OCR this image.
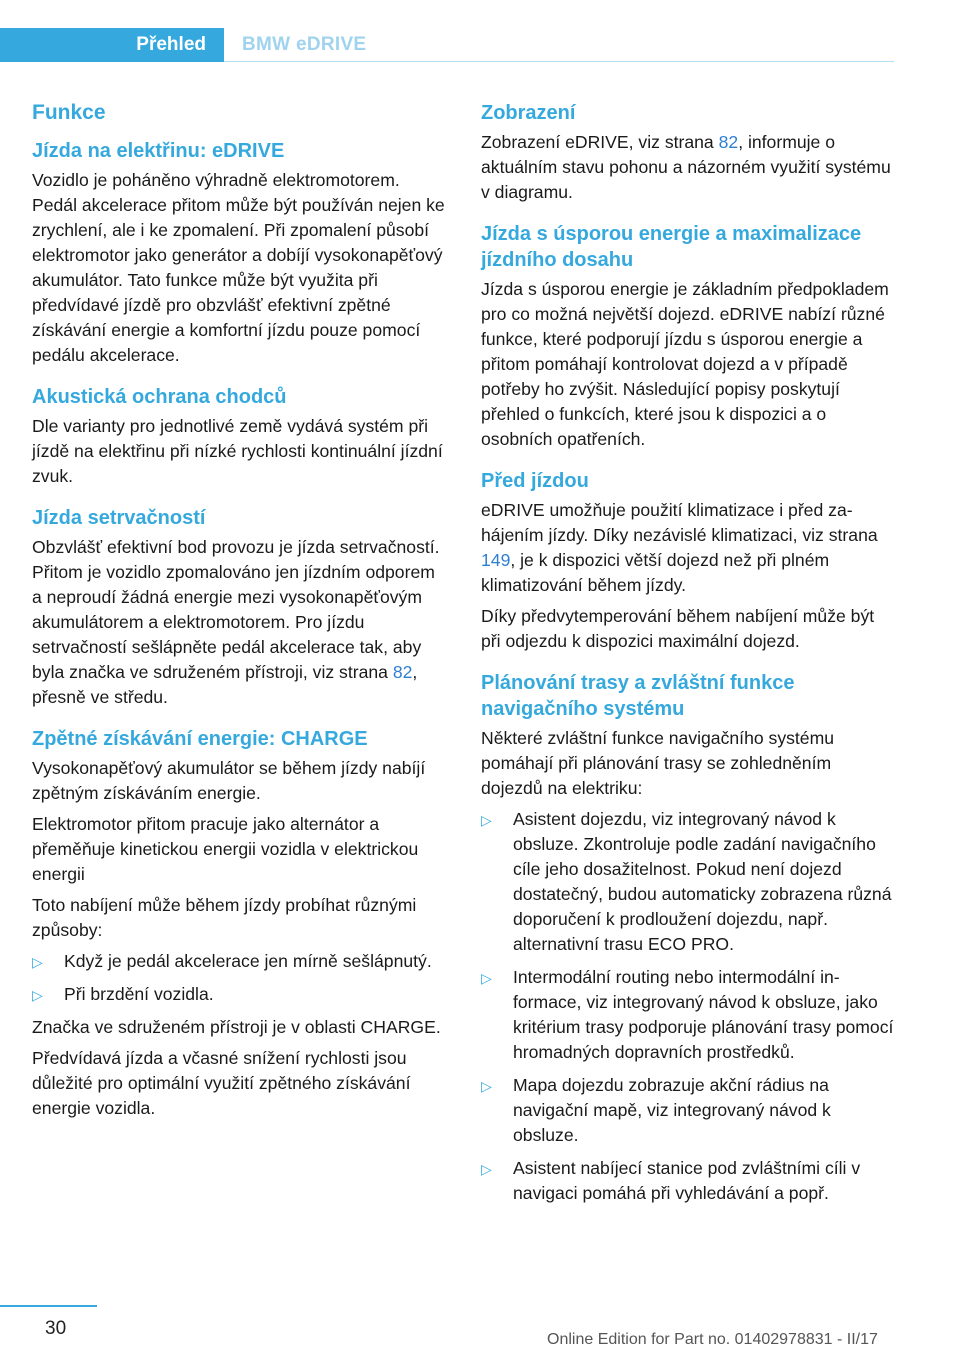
Přehled	BMW eDRIVE
Funkce
Jízda na elektřinu: eDRIVE

Vozidlo je poháněno výhradně elektromotorem. Pedál akcelerace přitom může být používán nejen ke zrychlení, ale i ke zpomalení. Při zpomalení působí elektromotor jako generátor a dobíjí vysokonapěťový akumulátor. Tato funkce může být využita při předvídavé jízdě pro obzvlášť efektivní zpětné získávání energie a komfortní jízdu pouze pomocí pedálu akcelerace.

Akustická ochrana chodců

Dle varianty pro jednotlivé země vydává systém při jízdě na elektřinu při nízké rychlosti kontinuální jízdní zvuk.

Jízda setrvačností

Obzvlášť efektivní bod provozu je jízda setrvačností. Přitom je vozidlo zpomalováno jen jízdním odporem a neproudí žádná energie mezi vysokonapěťovým akumulátorem a elektromotorem. Pro jízdu setrvačností sešlápněte pedál akcelerace tak, aby byla značka ve sdruženém přístroji, viz strana 82, přesně ve středu.

Zpětné získávání energie: CHARGE

Vysokonapěťový akumulátor se během jízdy nabíjí zpětným získáváním energie.

Elektromotor přitom pracuje jako alternátor a přeměňuje kinetickou energii vozidla v elektrickou energii

Toto nabíjení může během jízdy probíhat různými způsoby:

▷ Když je pedál akcelerace jen mírně sešlápnutý.
▷ Při brzdění vozidla.

Značka ve sdruženém přístroji je v oblasti CHARGE.

Předvídavá jízda a včasné snížení rychlosti jsou důležité pro optimální využití zpětného získávání energie vozidla.

Zobrazení

Zobrazení eDRIVE, viz strana 82, informuje o aktuálním stavu pohonu a názorném využití systému v diagramu.

Jízda s úsporou energie a maximalizace jízdního dosahu

Jízda s úsporou energie je základním předpokladem pro co možná největší dojezd. eDRIVE nabízí různé funkce, které podporují jízdu s úsporou energie a přitom pomáhají kontrolovat dojezd a v případě potřeby ho zvýšit. Následující popisy poskytují přehled o funkcích, které jsou k dispozici a o osobních opatřeních.

Před jízdou

eDRIVE umožňuje použití klimatizace i před zahájením jízdy. Díky nezávislé klimatizaci, viz strana 149, je k dispozici větší dojezd než při plném klimatizování během jízdy.

Díky předvytemperování během nabíjení může být při odjezdu k dispozici maximální dojezd.

Plánování trasy a zvláštní funkce navigačního systému

Některé zvláštní funkce navigačního systému pomáhají při plánování trasy se zohledněním dojezdů na elektriku:

▷ Asistent dojezdu, viz integrovaný návod k obsluze. Zkontroluje podle zadání navigačního cíle jeho dosažitelnost. Pokud není dojezd dostatečný, budou automaticky zobrazena různá doporučení k prodloužení dojezdu, např. alternativní trasu ECO PRO.
▷ Intermodální routing nebo intermodální informace, viz integrovaný návod k obsluze, jako kritérium trasy podporuje plánování trasy pomocí hromadných dopravních prostředků.
▷ Mapa dojezdu zobrazuje akční rádius na navigační mapě, viz integrovaný návod k obsluze.
▷ Asistent nabíjecí stanice pod zvláštními cíli v navigaci pomáhá při vyhledávání a popř.
30
Online Edition for Part no. 01402978831 - II/17
